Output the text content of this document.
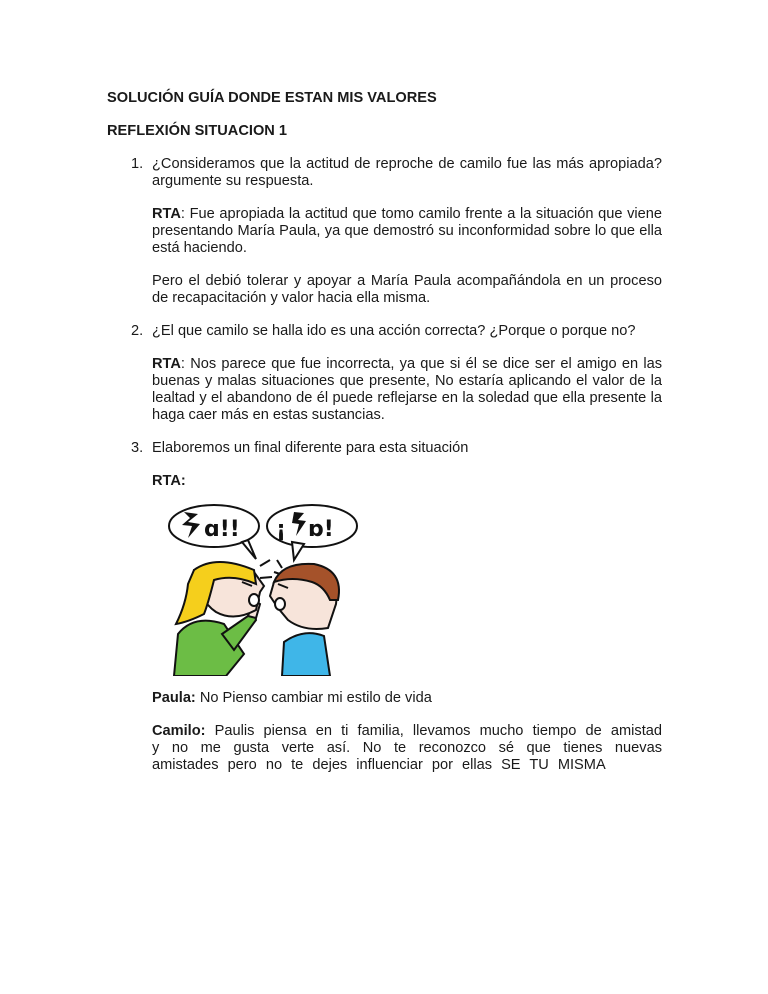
SOLUCIÓN GUÍA DONDE ESTAN MIS VALORES

REFLEXIÓN SITUACION 1

1. ¿Consideramos que la actitud de reproche de camilo fue las más apropiada? argumente su respuesta.

RTA: Fue apropiada la actitud que tomo camilo frente a la situación que viene presentando María Paula, ya que demostró su inconformidad sobre lo que ella está haciendo.

Pero el debió tolerar y apoyar a María Paula acompañándola en un proceso de recapacitación y valor hacia ella misma.

2. ¿El que camilo se halla ido es una acción correcta? ¿Porque o porque no?

RTA: Nos parece que fue incorrecta, ya que si él se dice ser el amigo en las buenas y malas situaciones que presente, No estaría aplicando el valor de la lealtad y el abandono de él puede reflejarse en la soledad que ella presente la haga caer más en estas sustancias.

3. Elaboremos un final diferente para esta situación

RTA:

ɑ!! ¡ ɒ!

Paula: No Pienso cambiar mi estilo de vida

Camilo: Paulis piensa en ti familia, llevamos mucho tiempo de amistad y no me gusta verte así. No te reconozco sé que tienes nuevas amistades pero no te dejes influenciar por ellas SE TU MISMA
